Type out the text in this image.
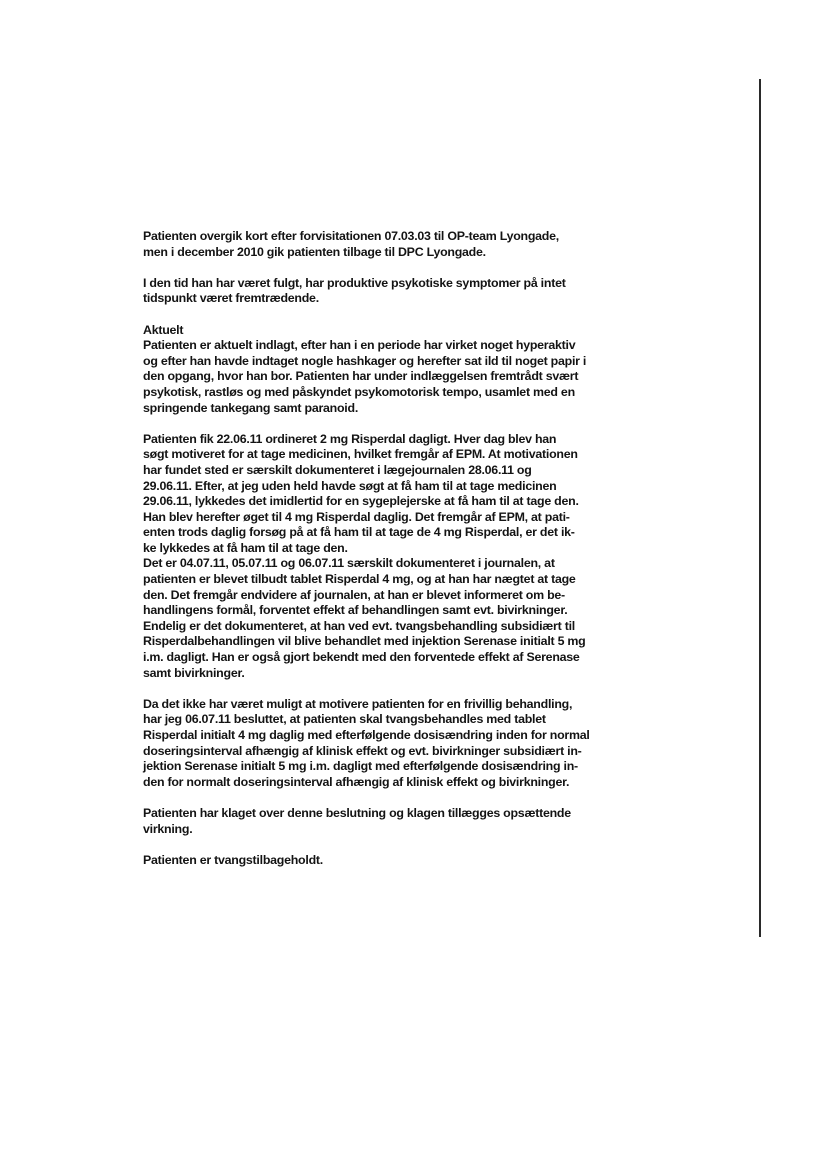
Patienten overgik kort efter forvisitationen 07.03.03 til OP-team Lyongade,
men i december 2010 gik patienten tilbage til DPC Lyongade.

I den tid han har været fulgt, har produktive psykotiske symptomer på intet
tidspunkt været fremtrædende.

Aktuelt
Patienten er aktuelt indlagt, efter han i en periode har virket noget hyperaktiv
og efter han havde indtaget nogle hashkager og herefter sat ild til noget papir i
den opgang, hvor han bor. Patienten har under indlæggelsen fremtrådt svært
psykotisk, rastløs og med påskyndet psykomotorisk tempo, usamlet med en
springende tankegang samt paranoid.

Patienten fik 22.06.11 ordineret 2 mg Risperdal dagligt. Hver dag blev han
søgt motiveret for at tage medicinen, hvilket fremgår af EPM. At motivationen
har fundet sted er særskilt dokumenteret i lægejournalen 28.06.11 og
29.06.11. Efter, at jeg uden held havde søgt at få ham til at tage medicinen
29.06.11, lykkedes det imidlertid for en sygeplejerske at få ham til at tage den.
Han blev herefter øget til 4 mg Risperdal daglig. Det fremgår af EPM, at pati-
enten trods daglig forsøg på at få ham til at tage de 4 mg Risperdal, er det ik-
ke lykkedes at få ham til at tage den.
Det er 04.07.11, 05.07.11 og 06.07.11 særskilt dokumenteret i journalen, at
patienten er blevet tilbudt tablet Risperdal 4 mg, og at han har nægtet at tage
den. Det fremgår endvidere af journalen, at han er blevet informeret om be-
handlingens formål, forventet effekt af behandlingen samt evt. bivirkninger.
Endelig er det dokumenteret, at han ved evt. tvangsbehandling subsidiært til
Risperdalbehandlingen vil blive behandlet med injektion Serenase initialt 5 mg
i.m. dagligt. Han er også gjort bekendt med den forventede effekt af Serenase
samt bivirkninger.

Da det ikke har været muligt at motivere patienten for en frivillig behandling,
har jeg 06.07.11 besluttet, at patienten skal tvangsbehandles med tablet
Risperdal initialt 4 mg daglig med efterfølgende dosisændring inden for normal
doseringsinterval afhængig af klinisk effekt og evt. bivirkninger subsidiært in-
jektion Serenase initialt 5 mg i.m. dagligt med efterfølgende dosisændring in-
den for normalt doseringsinterval afhængig af klinisk effekt og bivirkninger.

Patienten har klaget over denne beslutning og klagen tillægges opsættende
virkning.

Patienten er tvangstilbageholdt.
